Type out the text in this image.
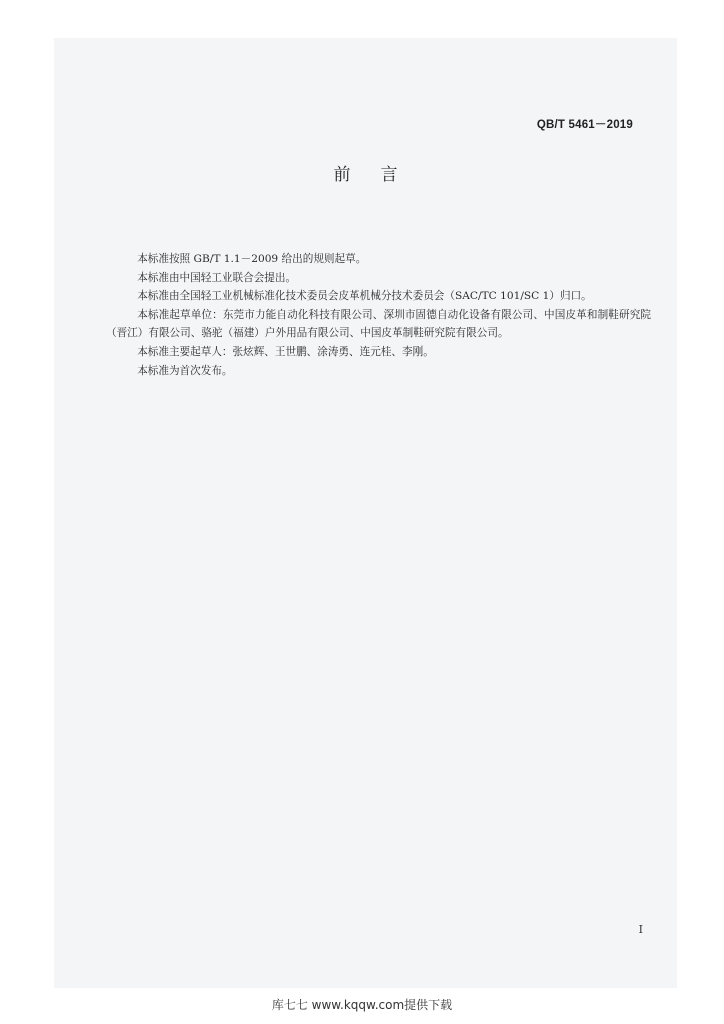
QB/T 5461－2019
前言

本标准按照 GB/T 1.1－2009 给出的规则起草。

本标准由中国轻工业联合会提出。

本标准由全国轻工业机械标准化技术委员会皮革机械分技术委员会（SAC/TC 101/SC 1）归口。

本标准起草单位：东莞市力能自动化科技有限公司、深圳市固德自动化设备有限公司、中国皮革和制鞋研究院（晋江）有限公司、骆驼（福建）户外用品有限公司、中国皮革制鞋研究院有限公司。

本标准主要起草人：张炫辉、王世鹏、涂涛勇、连元桂、李刚。

本标准为首次发布。

I
库七七 www.kqqw.com提供下载
